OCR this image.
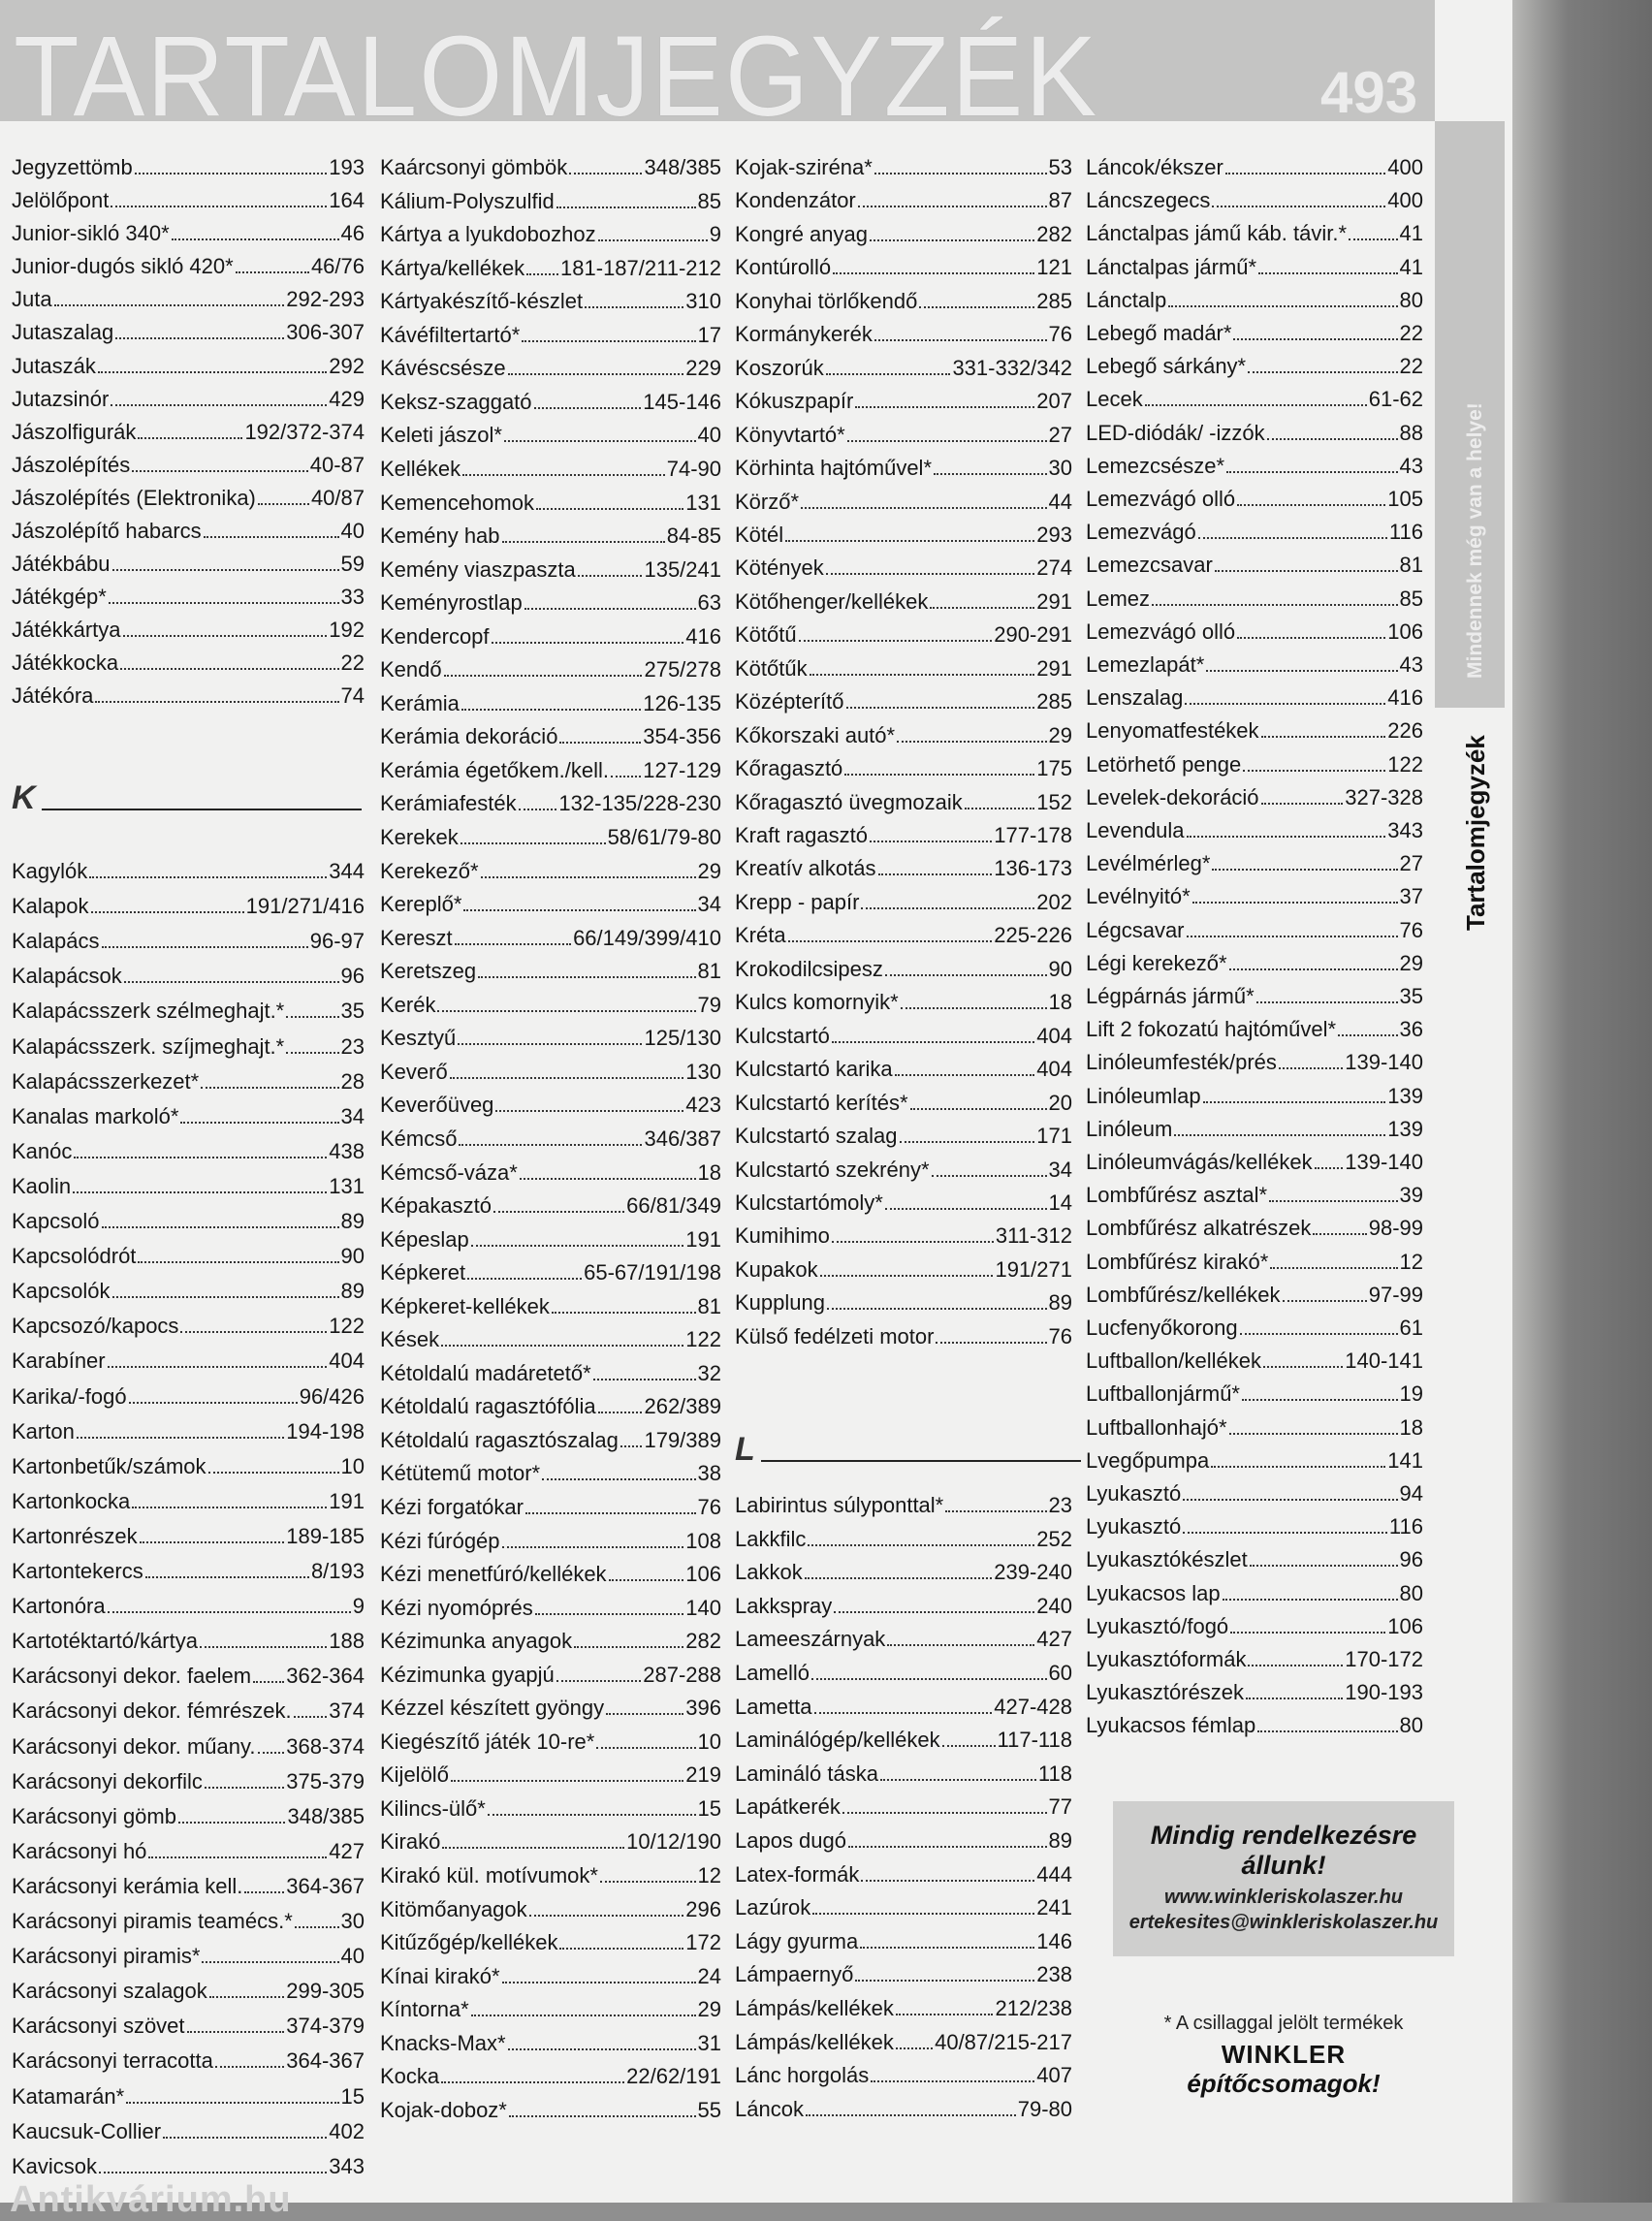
TARTALOMJEGYZÉK	493
Mindennek még van a helye!
Tartalomjegyzék
Jegyzettömb	193
Jelölőpont	164
Junior-sikló 340*	46
Junior-dugós sikló 420*	46/76
Juta	292-293
Jutaszalag	306-307
Jutaszák	292
Jutazsinór	429
Jászolfigurák	192/372-374
Jászolépítés	40-87
Jászolépítés (Elektronika)	40/87
Jászolépítő habarcs	40
Játékbábu	59
Játékgép*	33
Játékkártya	192
Játékkocka	22
Játékóra	74
K
Kagylók	344
Kalapok	191/271/416
Kalapács	96-97
Kalapácsok	96
Kalapácsszerk szélmeghajt.*	35
Kalapácsszerk. szíjmeghajt.*	23
Kalapácsszerkezet*	28
Kanalas markoló*	34
Kanóc	438
Kaolin	131
Kapcsoló	89
Kapcsolódrót	90
Kapcsolók	89
Kapcsozó/kapocs	122
Karabíner	404
Karika/-fogó	96/426
Karton	194-198
Kartonbetűk/számok	10
Kartonkocka	191
Kartonrészek	189-185
Kartontekercs	8/193
Kartonóra	9
Kartotéktartó/kártya	188
Karácsonyi dekor. faelem 362-364
Karácsonyi dekor. fémrészek. 374
Karácsonyi dekor. műany. 368-374
Karácsonyi dekorfilc	375-379
Karácsonyi gömb	348/385
Karácsonyi hó	427
Karácsonyi kerámia kell. 364-367
Karácsonyi piramis teamécs.* 30
Karácsonyi piramis*	40
Karácsonyi szalagok	299-305
Karácsonyi szövet	374-379
Karácsonyi terracotta	364-367
Katamarán*	15
Kaucsuk-Collier	402
Kavicsok	343
Kaárcsonyi gömbök	348/385
Kálium-Polyszulfid	85
Kártya a lyukdobozhoz	9
Kártya/kellékek 181-187/211-212
Kártyakészítő-készlet	310
Kávéfiltertartó*	17
Kávéscsésze	229
Keksz-szaggató	145-146
Keleti jászol*	40
Kellékek	74-90
Kemencehomok	131
Kemény hab	84-85
Kemény viaszpaszta	135/241
Keményrostlap	63
Kendercopf	416
Kendő	275/278
Kerámia	126-135
Kerámia dekoráció	354-356
Kerámia égetőkem./kell. 127-129
Kerámiafesték 132-135/228-230
Kerekek	58/61/79-80
Kerekező*	29
Kereplő*	34
Kereszt	66/149/399/410
Keretszeg	81
Kerék	79
Kesztyű	125/130
Keverő	130
Keverőüveg	423
Kémcső	346/387
Kémcső-váza*	18
Képakasztó	66/81/349
Képeslap	191
Képkeret	65-67/191/198
Képkeret-kellékek	81
Kések	122
Kétoldalú madáretető*	32
Kétoldalú ragasztófólia 262/389
Kétoldalú ragasztószalag 179/389
Kétütemű motor*	38
Kézi forgatókar	76
Kézi fúrógép	108
Kézi menetfúró/kellékek	106
Kézi nyomóprés	140
Kézimunka anyagok	282
Kézimunka gyapjú	287-288
Kézzel készített gyöngy	396
Kiegészítő játék 10-re*	10
Kijelölő	219
Kilincs-ülő*	15
Kirakó	10/12/190
Kirakó kül. motívumok*	12
Kitömőanyagok	296
Kitűzőgép/kellékek	172
Kínai kirakó*	24
Kíntorna*	29
Knacks-Max*	31
Kocka	22/62/191
Kojak-doboz*	55
Kojak-sziréna*	53
Kondenzátor	87
Kongré anyag	282
Kontúrolló	121
Konyhai törlőkendő	285
Kormánykerék	76
Koszorúk	331-332/342
Kókuszpapír	207
Könyvtartó*	27
Körhinta hajtóművel*	30
Körző*	44
Kötél	293
Kötények	274
Kötőhenger/kellékek	291
Kötőtű	290-291
Kötőtűk	291
Középterítő	285
Kőkorszaki autó*	29
Kőragasztó	175
Kőragasztó üvegmozaik	152
Kraft ragasztó	177-178
Kreatív alkotás	136-173
Krepp - papír	202
Kréta	225-226
Krokodilcsipesz	90
Kulcs komornyik*	18
Kulcstartó	404
Kulcstartó karika	404
Kulcstartó kerítés*	20
Kulcstartó szalag	171
Kulcstartó szekrény*	34
Kulcstartómoly*	14
Kumihimo	311-312
Kupakok	191/271
Kupplung	89
Külső fedélzeti motor	76
L
Labirintus súlyponttal*	23
Lakkfilc	252
Lakkok	239-240
Lakkspray	240
Lameeszárnyak	427
Lamelló	60
Lametta	427-428
Laminálógép/kellékek	117-118
Lamináló táska	118
Lapátkerék	77
Lapos dugó	89
Latex-formák	444
Lazúrok	241
Lágy gyurma	146
Lámpaernyő	238
Lámpás/kellékek	212/238
Lámpás/kellékek 40/87/215-217
Lánc horgolás	407
Láncok	79-80
Láncok/ékszer	400
Láncszegecs	400
Lánctalpas jámű káb. távir.* 41
Lánctalpas jármű*	41
Lánctalp	80
Lebegő madár*	22
Lebegő sárkány*	22
Lecek	61-62
LED-diódák/ -izzók	88
Lemezcsésze*	43
Lemezvágó olló	105
Lemezvágó	116
Lemezcsavar	81
Lemez	85
Lemezvágó olló	106
Lemezlapát*	43
Lenszalag	416
Lenyomatfestékek	226
Letörhető penge	122
Levelek-dekoráció	327-328
Levendula	343
Levélmérleg*	27
Levélnyitó*	37
Légcsavar	76
Légi kerekező*	29
Légpárnás jármű*	35
Lift 2 fokozatú hajtóművel*	36
Linóleumfesték/prés	139-140
Linóleumlap	139
Linóleum	139
Linóleumvágás/kellékek 139-140
Lombfűrész asztal*	39
Lombfűrész alkatrészek	98-99
Lombfűrész kirakó*	12
Lombfűrész/kellékek	97-99
Lucfenyőkorong	61
Luftballon/kellékek	140-141
Luftballonjármű*	19
Luftballonhajó*	18
Lvegőpumpa	141
Lyukasztó	94
Lyukasztó	116
Lyukasztókészlet	96
Lyukacsos lap	80
Lyukasztó/fogó	106
Lyukasztóformák	170-172
Lyukasztórészek	190-193
Lyukacsos fémlap	80
Mindig rendelkezésre állunk!
www.winkleriskolaszer.hu
ertekesites@winkleriskolaszer.hu
* A csillaggal jelölt termékek
WINKLER
építőcsomagok!
Antikvárium.hu
